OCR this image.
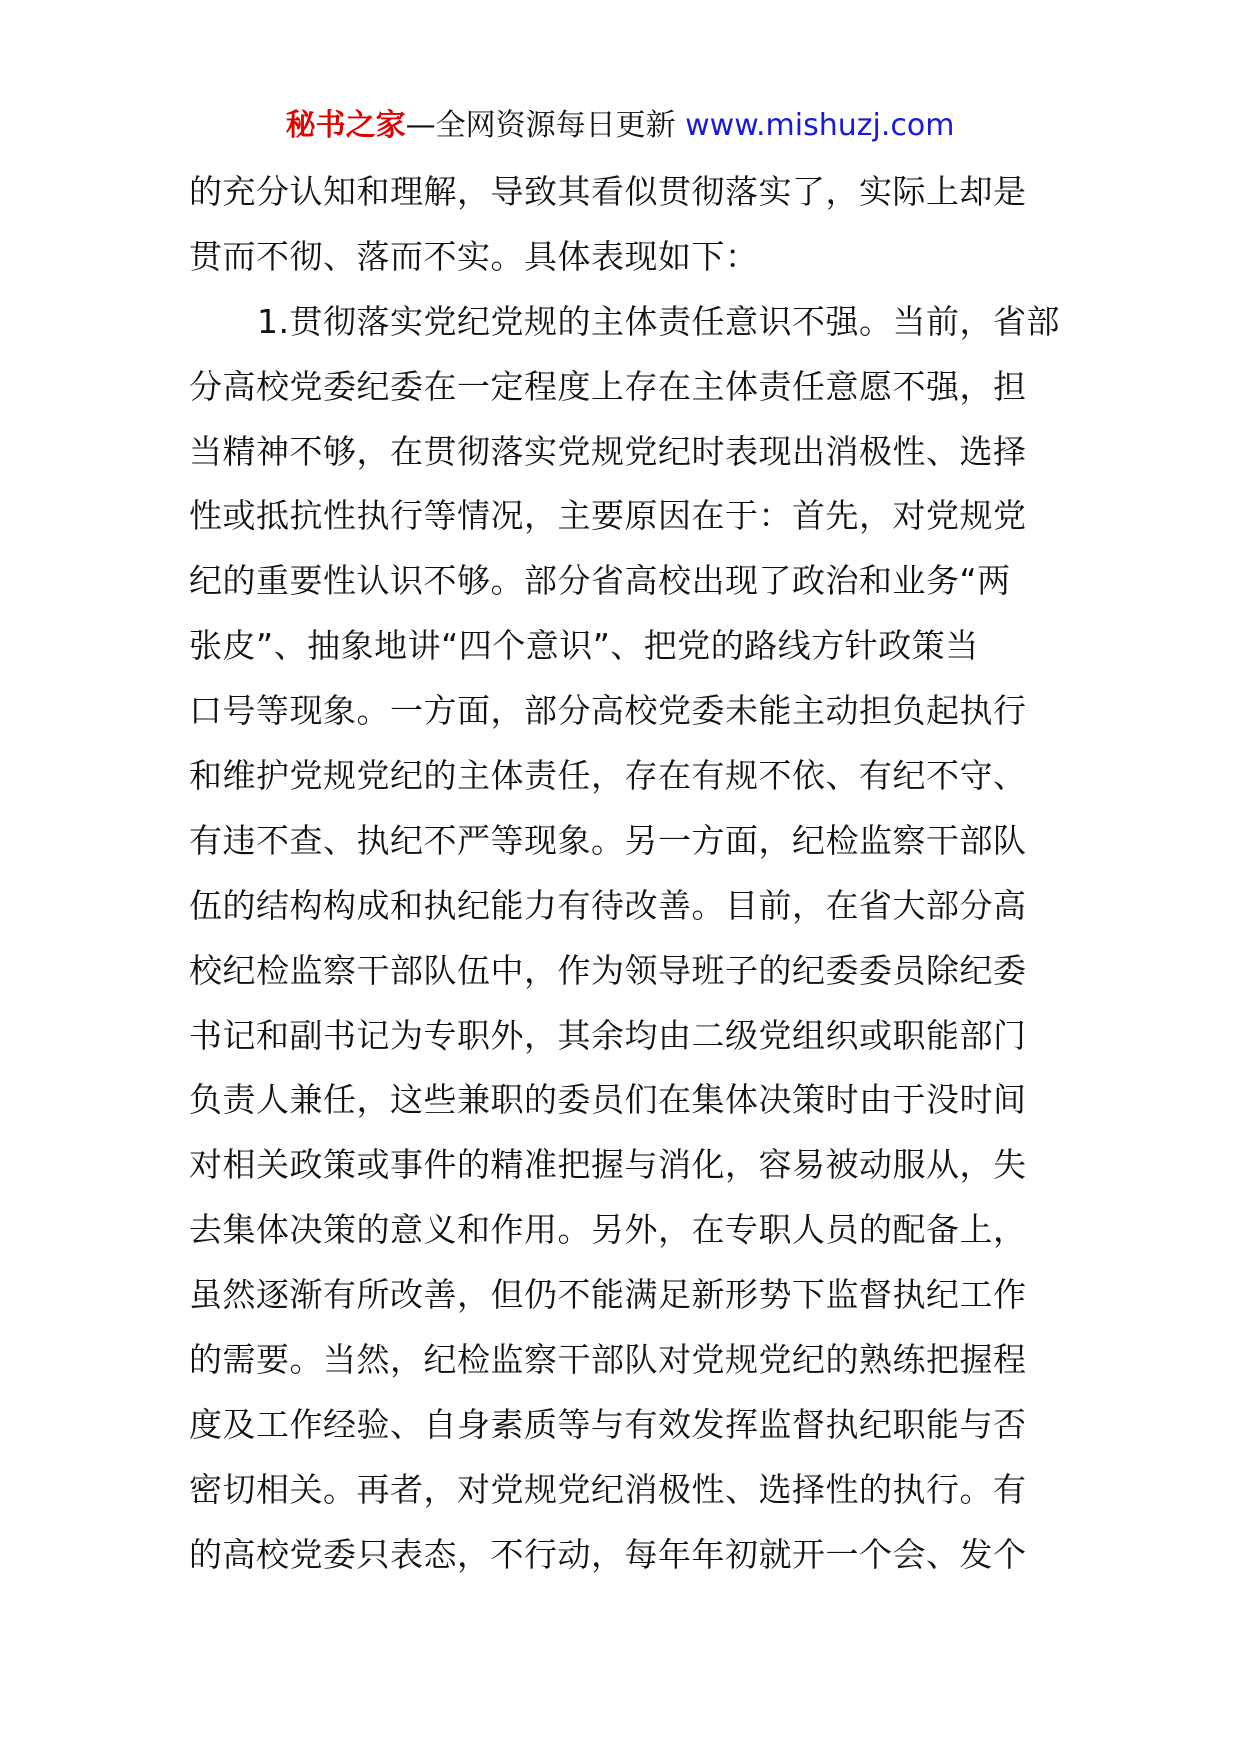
秘书之家—全网资源每日更新 www.mishuzj.com
的充分认知和理解，导致其看似贯彻落实了，实际上却是
贯而不彻、落而不实。具体表现如下：
1.贯彻落实党纪党规的主体责任意识不强。当前，省部
分高校党委纪委在一定程度上存在主体责任意愿不强，担
当精神不够，在贯彻落实党规党纪时表现出消极性、选择
性或抵抗性执行等情况，主要原因在于：首先，对党规党
纪的重要性认识不够。部分省高校出现了政治和业务“两
张皮”、抽象地讲“四个意识”、把党的路线方针政策当
口号等现象。一方面，部分高校党委未能主动担负起执行
和维护党规党纪的主体责任，存在有规不依、有纪不守、
有违不查、执纪不严等现象。另一方面，纪检监察干部队
伍的结构构成和执纪能力有待改善。目前，在省大部分高
校纪检监察干部队伍中，作为领导班子的纪委委员除纪委
书记和副书记为专职外，其余均由二级党组织或职能部门
负责人兼任，这些兼职的委员们在集体决策时由于没时间
对相关政策或事件的精准把握与消化，容易被动服从，失
去集体决策的意义和作用。另外，在专职人员的配备上，
虽然逐渐有所改善，但仍不能满足新形势下监督执纪工作
的需要。当然，纪检监察干部队对党规党纪的熟练把握程
度及工作经验、自身素质等与有效发挥监督执纪职能与否
密切相关。再者，对党规党纪消极性、选择性的执行。有
的高校党委只表态，不行动，每年年初就开一个会、发个
